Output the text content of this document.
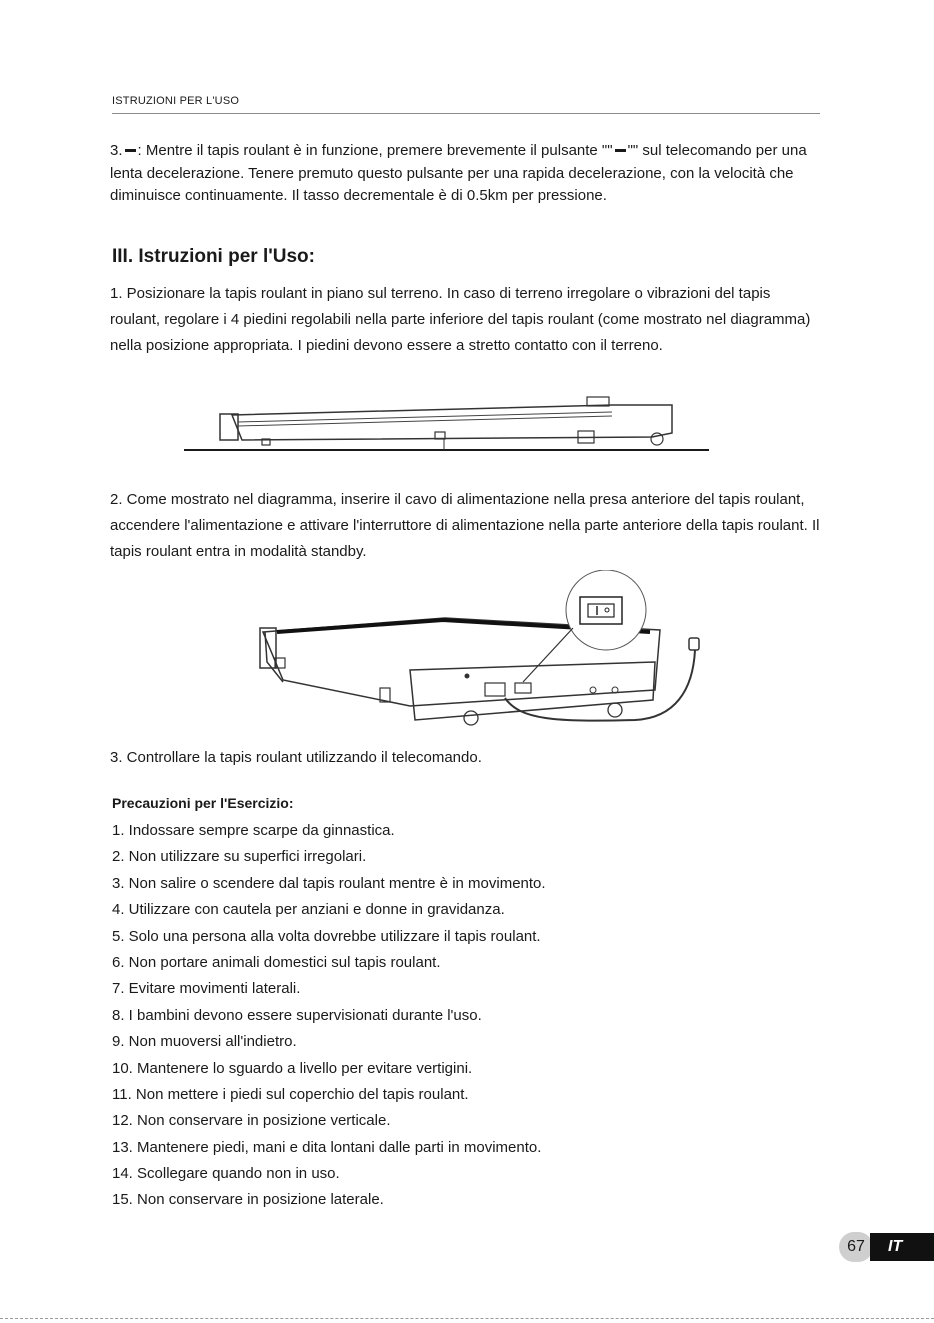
ISTRUZIONI PER L'USO

3. : Mentre il tapis roulant è in funzione, premere brevemente il pulsante "" "" sul telecomando per una lenta decelerazione. Tenere premuto questo pulsante per una rapida decelerazione, con la velocità che diminuisce continuamente. Il tasso decrementale è di 0.5km per pressione.

III. Istruzioni per l'Uso:

1. Posizionare la tapis roulant in piano sul terreno. In caso di terreno irregolare o vibrazioni del tapis roulant, regolare i 4 piedini regolabili nella parte inferiore del tapis roulant (come mostrato nel diagramma) nella posizione appropriata. I piedini devono essere a stretto contatto con il terreno.

2. Come mostrato nel diagramma, inserire il cavo di alimentazione nella presa anteriore del tapis roulant, accendere l'alimentazione e attivare l'interruttore di alimentazione nella parte anteriore della tapis roulant. Il tapis roulant entra in modalità standby.

3. Controllare la tapis roulant utilizzando il telecomando.

Precauzioni per l'Esercizio:
1. Indossare sempre scarpe da ginnastica.
2. Non utilizzare su superfici irregolari.
3. Non salire o scendere dal tapis roulant mentre è in movimento.
4. Utilizzare con cautela per anziani e donne in gravidanza.
5. Solo una persona alla volta dovrebbe utilizzare il tapis roulant.
6. Non portare animali domestici sul tapis roulant.
7. Evitare movimenti laterali.
8. I bambini devono essere supervisionati durante l'uso.
9. Non muoversi all'indietro.
10. Mantenere lo sguardo a livello per evitare vertigini.
11. Non mettere i piedi sul coperchio del tapis roulant.
12. Non conservare in posizione verticale.
13. Mantenere piedi, mani e dita lontani dalle parti in movimento.
14. Scollegare quando non in uso.
15. Non conservare in posizione laterale.
67	IT
